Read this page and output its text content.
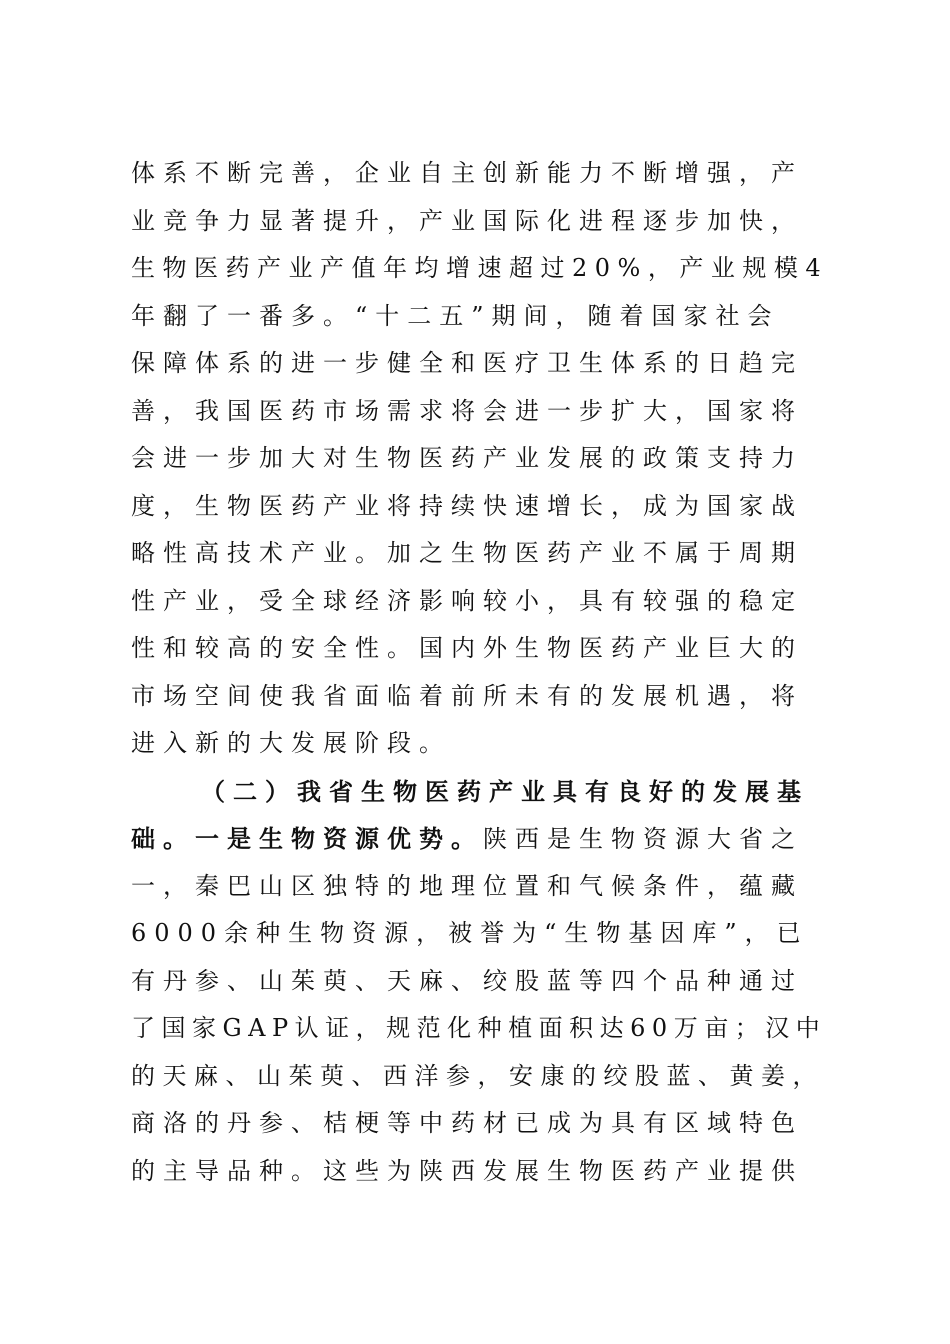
体系不断完善，企业自主创新能力不断增强，产
业竞争力显著提升，产业国际化进程逐步加快，
生物医药产业产值年均增速超过20%，产业规模4
年翻了一番多。“十二五”期间，随着国家社会
保障体系的进一步健全和医疗卫生体系的日趋完
善，我国医药市场需求将会进一步扩大，国家将
会进一步加大对生物医药产业发展的政策支持力
度，生物医药产业将持续快速增长，成为国家战
略性高技术产业。加之生物医药产业不属于周期
性产业，受全球经济影响较小，具有较强的稳定
性和较高的安全性。国内外生物医药产业巨大的
市场空间使我省面临着前所未有的发展机遇，将
进入新的大发展阶段。
（二）我省生物医药产业具有良好的发展基
础。一是生物资源优势。陕西是生物资源大省之
一，秦巴山区独特的地理位置和气候条件，蕴藏
6000余种生物资源，被誉为“生物基因库”，已
有丹参、山茱萸、天麻、绞股蓝等四个品种通过
了国家GAP认证，规范化种植面积达60万亩；汉中
的天麻、山茱萸、西洋参，安康的绞股蓝、黄姜，
商洛的丹参、桔梗等中药材已成为具有区域特色
的主导品种。这些为陕西发展生物医药产业提供
